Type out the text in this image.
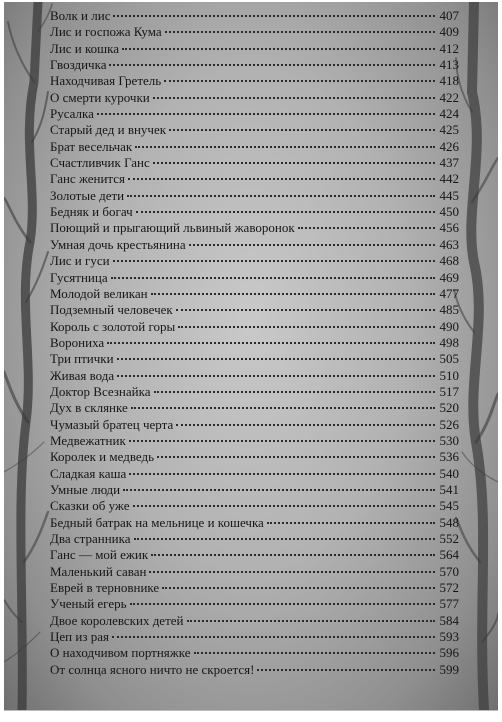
Волк и лис	407
Лис и госпожа Кума	409
Лис и кошка	412
Гвоздичка	413
Находчивая Гретель	418
О смерти курочки	422
Русалка	424
Старый дед и внучек	425
Брат весельчак	426
Счастливчик Ганс	437
Ганс женится	442
Золотые дети	445
Бедняк и богач	450
Поющий и прыгающий львиный жаворонок	456
Умная дочь крестьянина	463
Лис и гуси	468
Гусятница	469
Молодой великан	477
Подземный человечек	485
Король с золотой горы	490
Ворониха	498
Три птички	505
Живая вода	510
Доктор Всезнайка	517
Дух в склянке	520
Чумазый братец черта	526
Медвежатник	530
Королек и медведь	536
Сладкая каша	540
Умные люди	541
Сказки об уже	545
Бедный батрак на мельнице и кошечка	548
Два странника	552
Ганс — мой ежик	564
Маленький саван	570
Еврей в терновнике	572
Ученый егерь	577
Двое королевских детей	584
Цеп из рая	593
О находчивом портняжке	596
От солнца ясного ничто не скроется!	599
